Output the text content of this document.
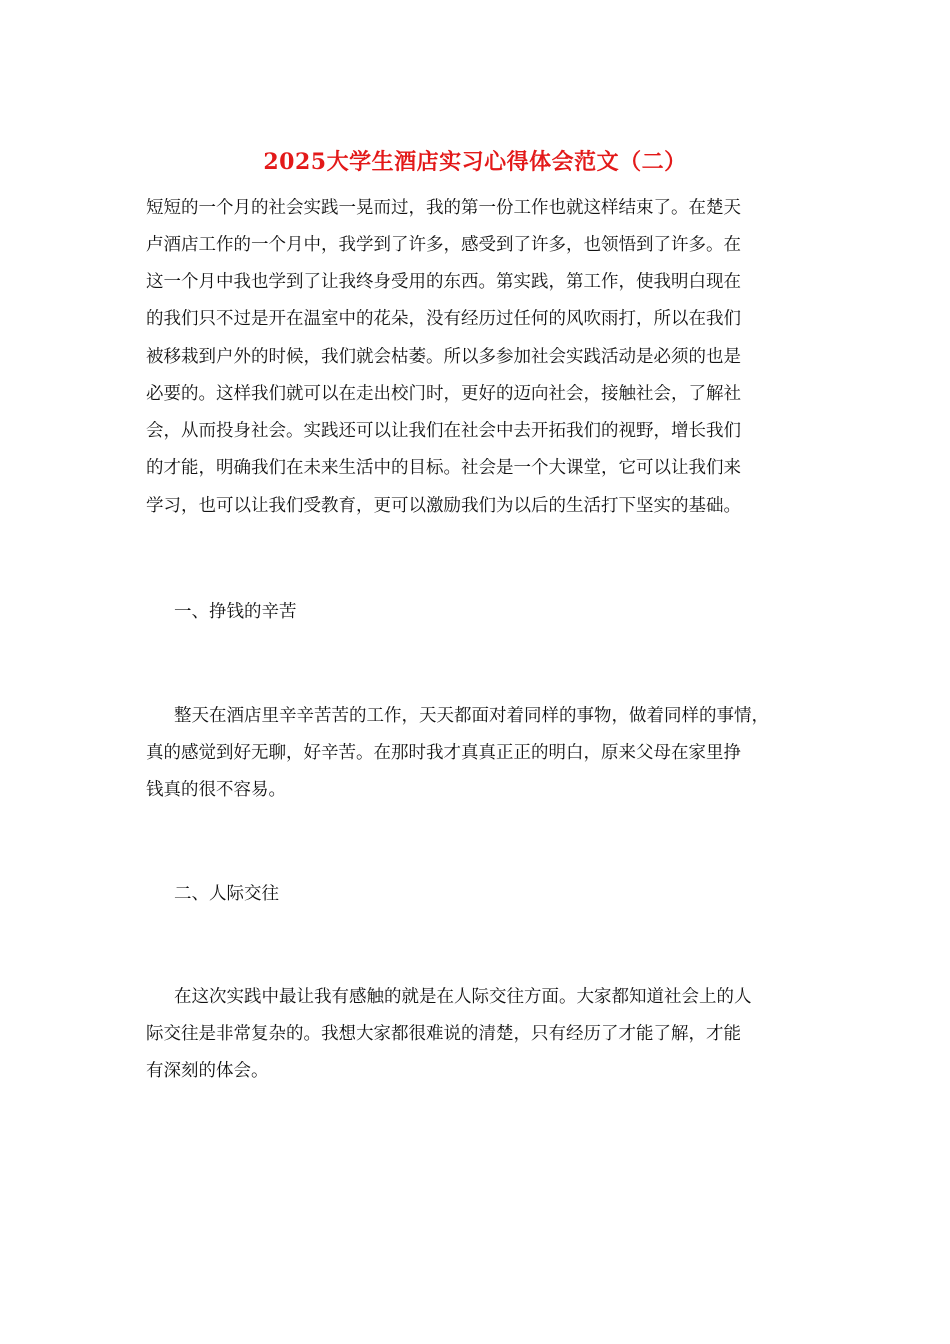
2025大学生酒店实习心得体会范文（二）
短短的一个月的社会实践一晃而过，我的第一份工作也就这样结束了。在楚天
卢酒店工作的一个月中，我学到了许多，感受到了许多，也领悟到了许多。在
这一个月中我也学到了让我终身受用的东西。第实践，第工作，使我明白现在
的我们只不过是开在温室中的花朵，没有经历过任何的风吹雨打，所以在我们
被移栽到户外的时候，我们就会枯萎。所以多参加社会实践活动是必须的也是
必要的。这样我们就可以在走出校门时，更好的迈向社会，接触社会，了解社
会，从而投身社会。实践还可以让我们在社会中去开拓我们的视野，增长我们
的才能，明确我们在未来生活中的目标。社会是一个大课堂，它可以让我们来
学习，也可以让我们受教育，更可以激励我们为以后的生活打下坚实的基础。
一、挣钱的辛苦
整天在酒店里辛辛苦苦的工作，天天都面对着同样的事物，做着同样的事情，
真的感觉到好无聊，好辛苦。在那时我才真真正正的明白，原来父母在家里挣
钱真的很不容易。
二、人际交往
在这次实践中最让我有感触的就是在人际交往方面。大家都知道社会上的人
际交往是非常复杂的。我想大家都很难说的清楚，只有经历了才能了解，才能
有深刻的体会。
